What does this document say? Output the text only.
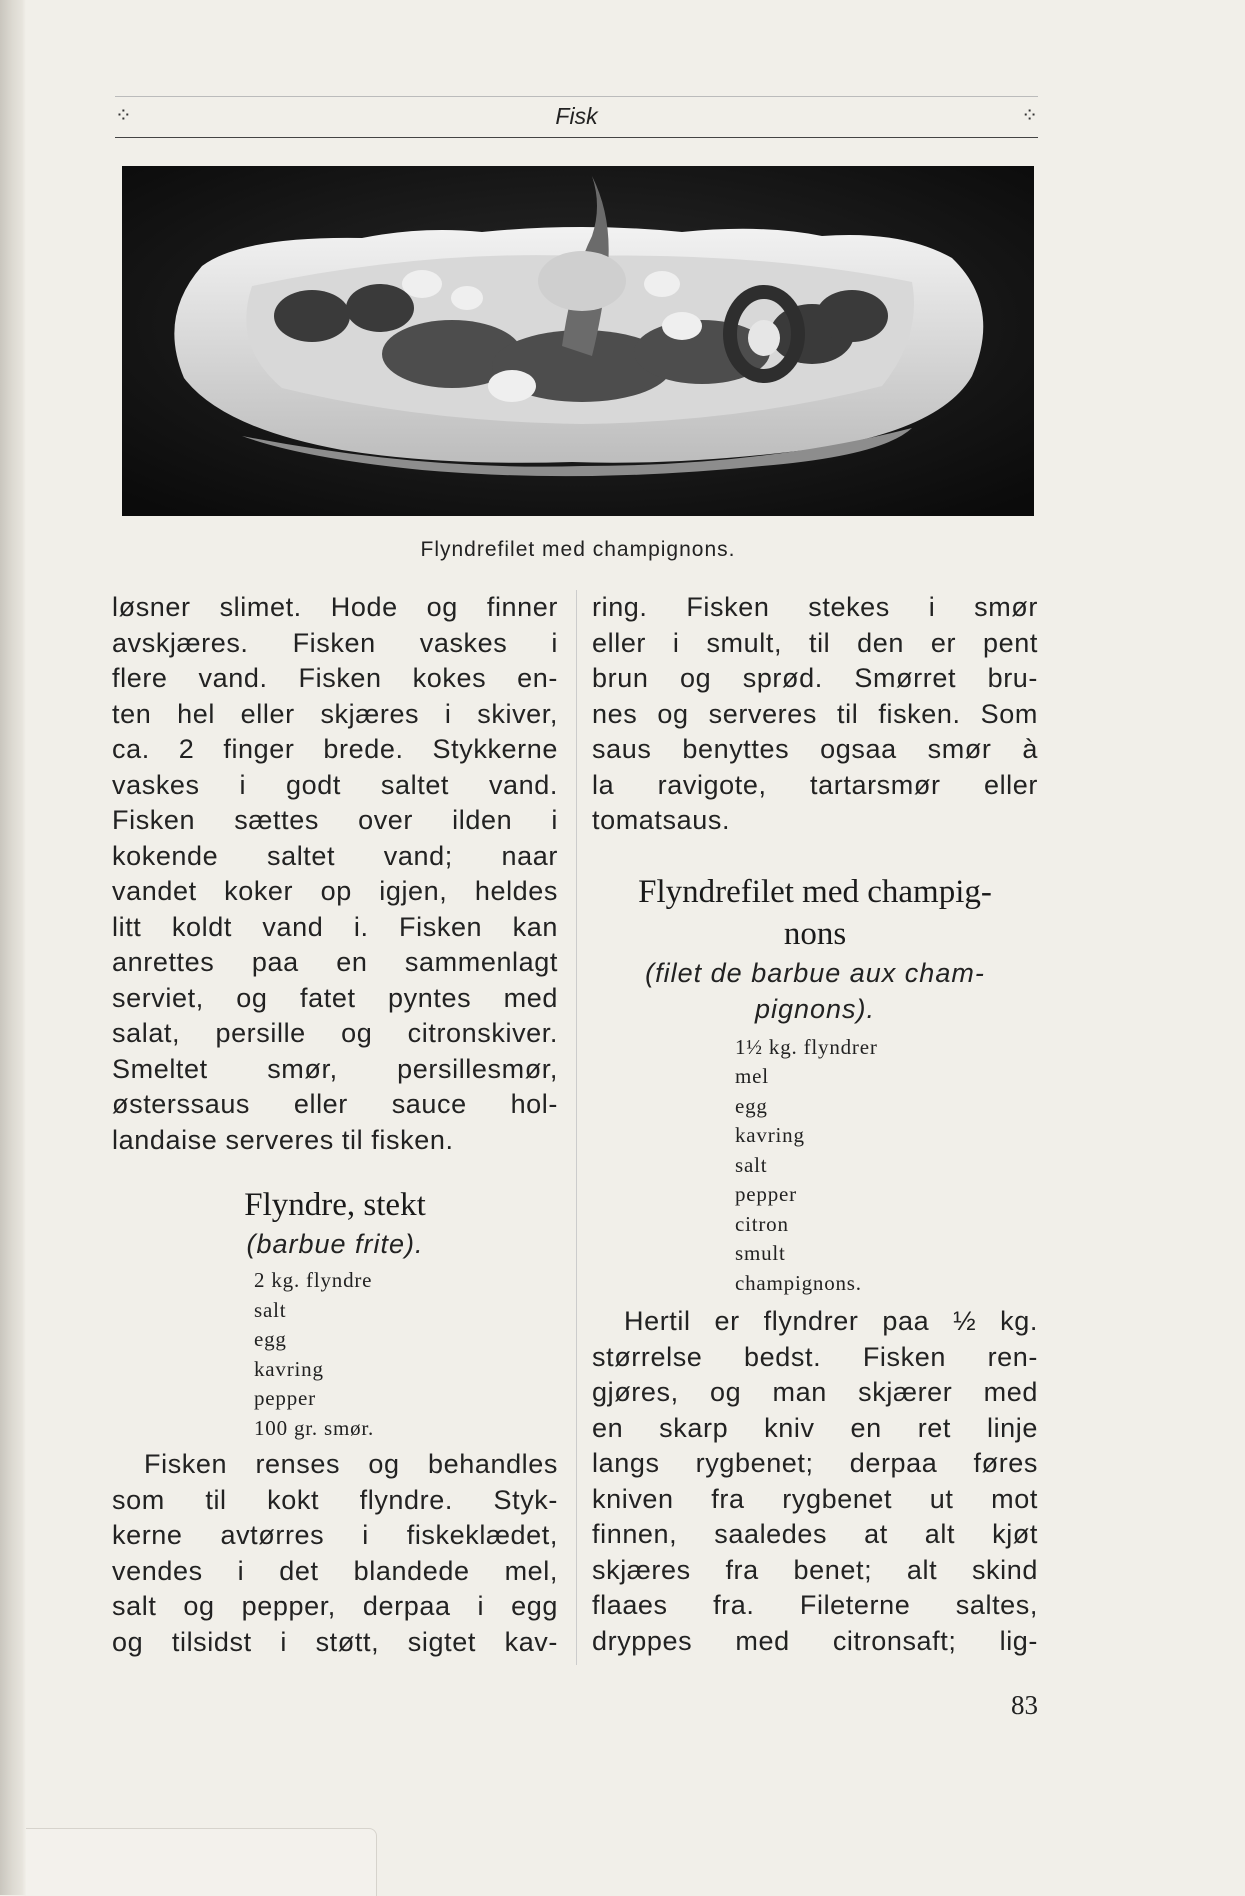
⁘	Fisk	⁘
Flyndrefilet med champignons.

løsner slimet. Hode og finner

avskjæres. Fisken vaskes i

flere vand. Fisken kokes en-

ten hel eller skjæres i skiver,

ca. 2 finger brede. Stykkerne

vaskes i godt saltet vand.

Fisken sættes over ilden i

kokende saltet vand; naar

vandet koker op igjen, heldes

litt koldt vand i. Fisken kan

anrettes paa en sammenlagt

serviet, og fatet pyntes med

salat, persille og citronskiver.

Smeltet smør, persillesmør,

østerssaus eller sauce hol-

landaise serveres til fisken.

Flyndre, stekt

(barbue frite).

2 kg. flyndre

salt

egg

kavring

pepper

100 gr. smør.

Fisken renses og behandles

som til kokt flyndre. Styk-

kerne avtørres i fiskeklædet,

vendes i det blandede mel,

salt og pepper, derpaa i egg

og tilsidst i støtt, sigtet kav-

ring. Fisken stekes i smør

eller i smult, til den er pent

brun og sprød. Smørret bru-

nes og serveres til fisken. Som

saus benyttes ogsaa smør à

la ravigote, tartarsmør eller

tomatsaus.

Flyndrefilet med champig-

nons

(filet de barbue aux cham-

pignons).

1½ kg. flyndrer

mel

egg

kavring

salt

pepper

citron

smult

champignons.

Hertil er flyndrer paa ½ kg.

størrelse bedst. Fisken ren-

gjøres, og man skjærer med

en skarp kniv en ret linje

langs rygbenet; derpaa føres

kniven fra rygbenet ut mot

finnen, saaledes at alt kjøt

skjæres fra benet; alt skind

flaaes fra. Fileterne saltes,

dryppes med citronsaft; lig-

83
